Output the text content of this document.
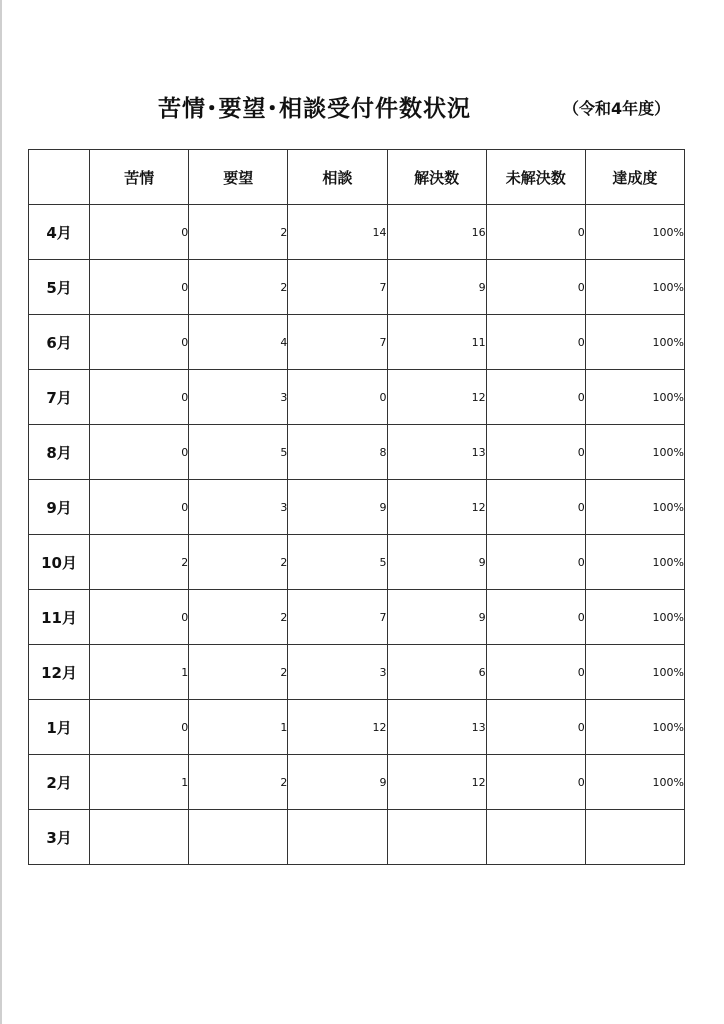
苦情･要望･相談受付件数状況	（令和4年度）
	苦情	要望	相談	解決数	未解決数	達成度
4月	0	2	14	16	0	100%
5月	0	2	7	9	0	100%
6月	0	4	7	11	0	100%
7月	0	3	0	12	0	100%
8月	0	5	8	13	0	100%
9月	0	3	9	12	0	100%
10月	2	2	5	9	0	100%
11月	0	2	7	9	0	100%
12月	1	2	3	6	0	100%
1月	0	1	12	13	0	100%
2月	1	2	9	12	0	100%
3月						
